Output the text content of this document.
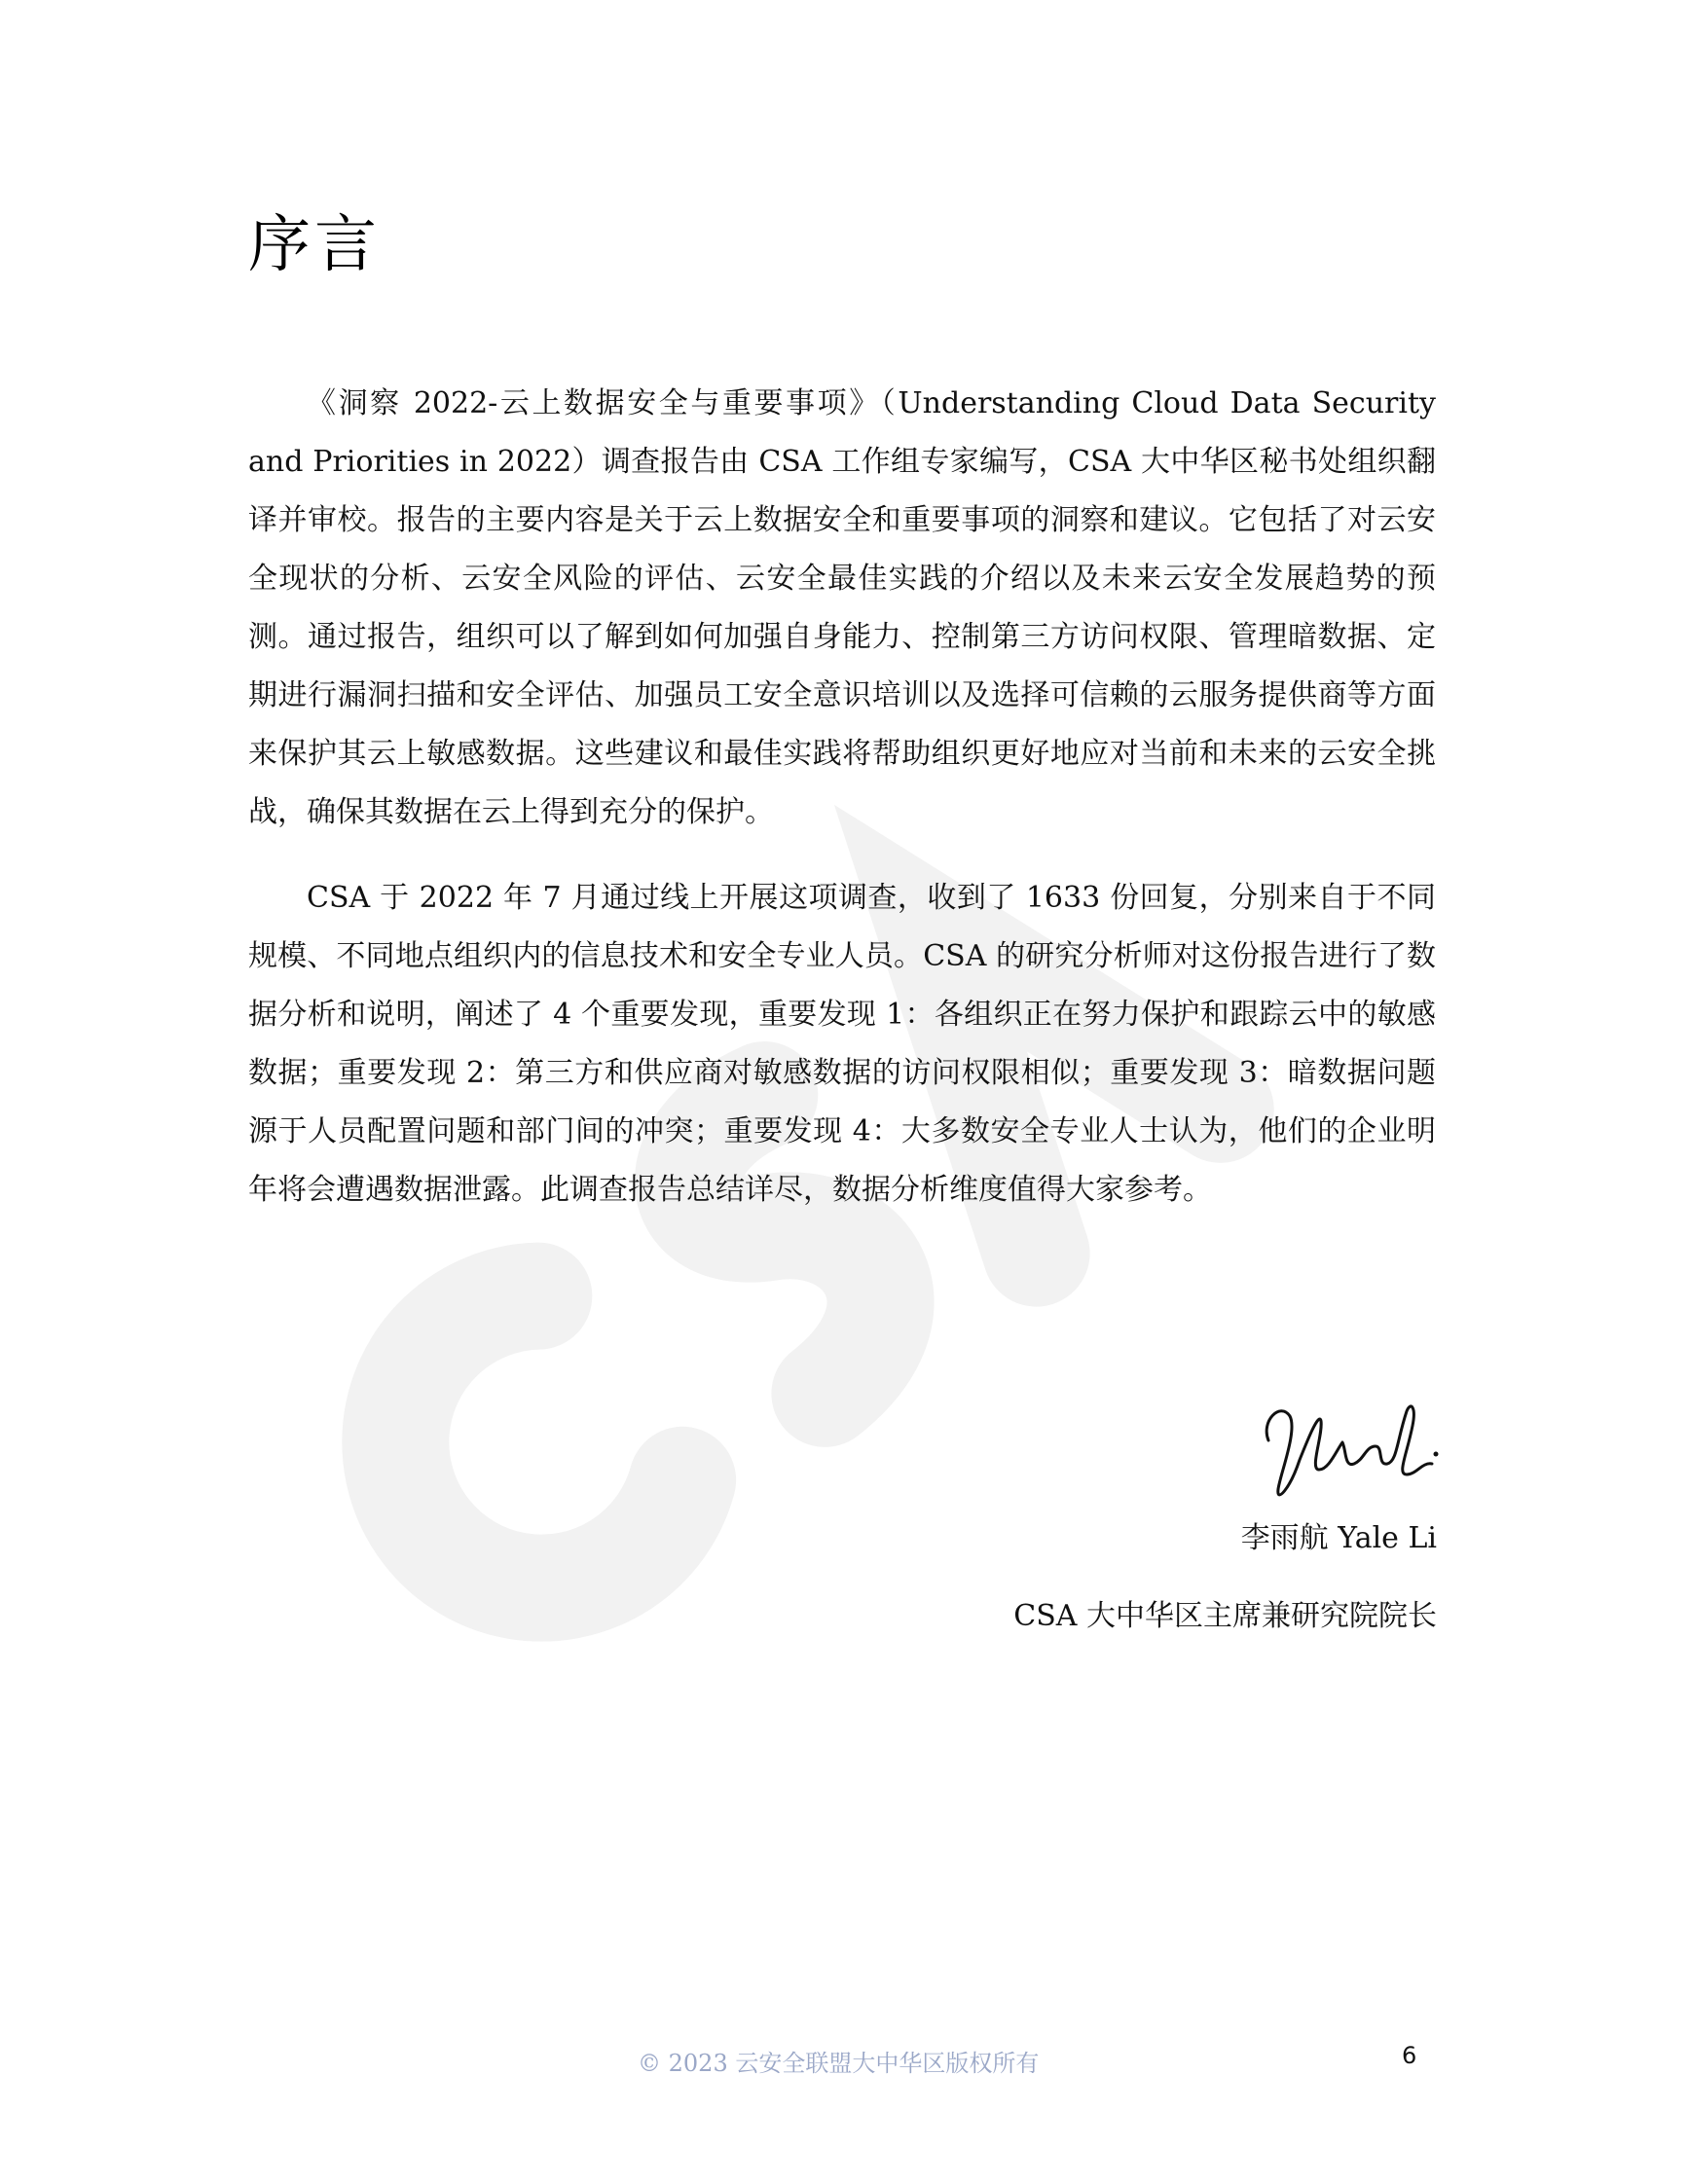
序言

《洞察 2022-云上数据安全与重要事项》（Understanding Cloud Data Security and Priorities in 2022）调查报告由 CSA 工作组专家编写，CSA 大中华区秘书处组织翻译并审校。报告的主要内容是关于云上数据安全和重要事项的洞察和建议。它包括了对云安全现状的分析、云安全风险的评估、云安全最佳实践的介绍以及未来云安全发展趋势的预测。通过报告，组织可以了解到如何加强自身能力、控制第三方访问权限、管理暗数据、定期进行漏洞扫描和安全评估、加强员工安全意识培训以及选择可信赖的云服务提供商等方面来保护其云上敏感数据。这些建议和最佳实践将帮助组织更好地应对当前和未来的云安全挑战，确保其数据在云上得到充分的保护。

CSA 于 2022 年 7 月通过线上开展这项调查，收到了 1633 份回复，分别来自于不同规模、不同地点组织内的信息技术和安全专业人员。CSA 的研究分析师对这份报告进行了数据分析和说明，阐述了 4 个重要发现，重要发现 1：各组织正在努力保护和跟踪云中的敏感数据；重要发现 2：第三方和供应商对敏感数据的访问权限相似；重要发现 3：暗数据问题源于人员配置问题和部门间的冲突；重要发现 4：大多数安全专业人士认为，他们的企业明年将会遭遇数据泄露。此调查报告总结详尽，数据分析维度值得大家参考。

李雨航 Yale Li

CSA 大中华区主席兼研究院院长

© 2023 云安全联盟大中华区版权所有	6
